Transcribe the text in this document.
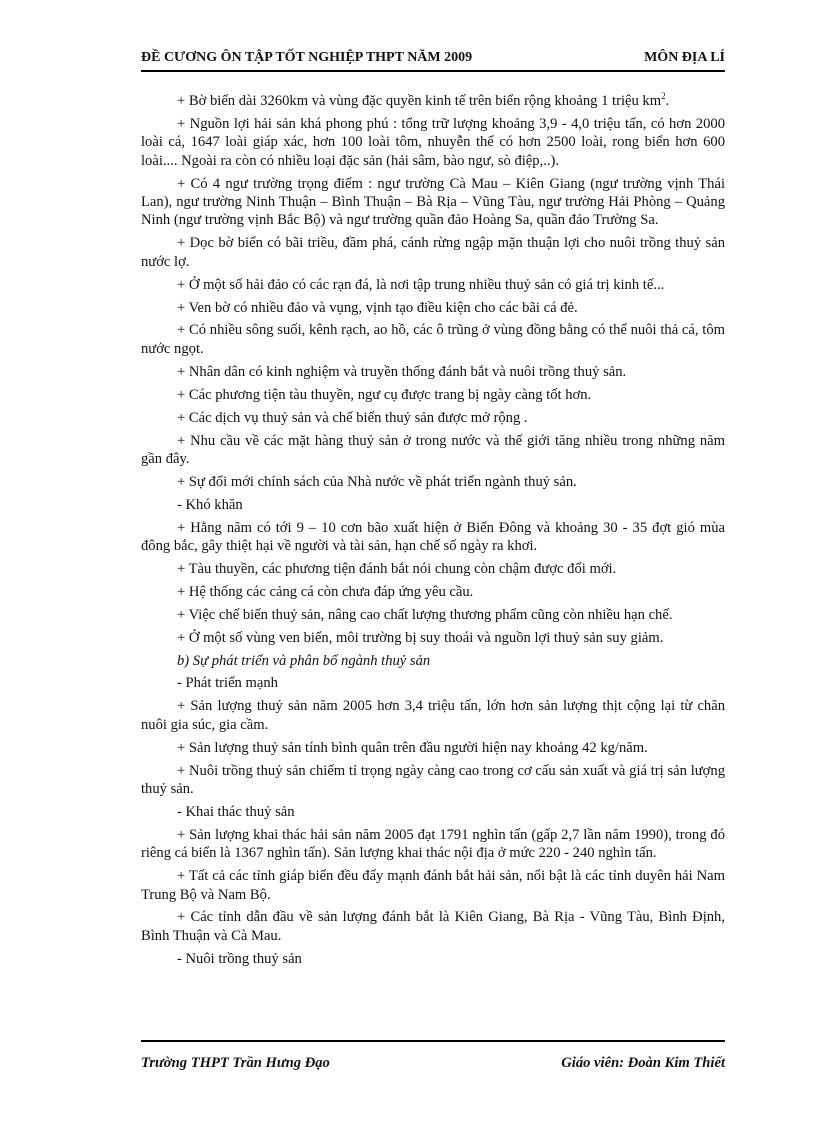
ĐỀ CƯƠNG ÔN TẬP TỐT NGHIỆP THPT NĂM 2009	MÔN ĐỊA LÍ

+ Bờ biển dài 3260km và vùng đặc quyền kinh tế trên biển rộng khoảng 1 triệu $km^2$.

+ Nguồn lợi hải sản khá phong phú : tổng trữ lượng khoảng 3,9 - 4,0 triệu tấn, có hơn 2000 loài cá, 1647 loài giáp xác, hơn 100 loài tôm, nhuyễn thể có hơn 2500 loài, rong biển hơn 600 loài.... Ngoài ra còn có nhiều loại đặc sản (hải sâm, bào ngư, sò điệp,..).

+ Có 4 ngư trường trọng điểm : ngư trường Cà Mau – Kiên Giang (ngư trường vịnh Thái Lan), ngư trường Ninh Thuận – Bình Thuận – Bà Rịa – Vũng Tàu, ngư trường Hải Phòng – Quảng Ninh (ngư trường vịnh Bắc Bộ) và ngư trường quần đảo Hoàng Sa, quần đảo Trường Sa.

+ Dọc bờ biển có bãi triều, đầm phá, cánh rừng ngập mặn thuận lợi cho nuôi trồng thuỷ sản nước lợ.

+ Ở một số hải đảo có các rạn đá, là nơi tập trung nhiều thuỷ sản có giá trị kinh tế...

+ Ven bờ có nhiều đảo và vụng, vịnh tạo điều kiện cho các bãi cá đẻ.

+ Có nhiều sông suối, kênh rạch, ao hồ, các ô trũng ở vùng đồng bằng có thể nuôi thả cá, tôm nước ngọt.

+ Nhân dân có kinh nghiệm và truyền thống đánh bắt và nuôi trồng thuỷ sản.

+ Các phương tiện tàu thuyền, ngư cụ được trang bị ngày càng tốt hơn.

+ Các dịch vụ thuỷ sản và chế biến thuỷ sản được mở rộng .

+ Nhu cầu về các mặt hàng thuỷ sản ở trong nước và thế giới tăng nhiều trong những năm gần đây.

+ Sự đổi mới chính sách của Nhà nước về phát triển ngành thuỷ sản.

- Khó khăn

+ Hằng năm có tới 9 – 10 cơn bão xuất hiện ở Biển Đông và khoảng 30 - 35 đợt gió mùa đông bắc, gây thiệt hại về người và tài sản, hạn chế số ngày ra khơi.

+ Tàu thuyền, các phương tiện đánh bắt nói chung còn chậm được đổi mới.

+ Hệ thống các cảng cá còn chưa đáp ứng yêu cầu.

+ Việc chế biến thuỷ sản, nâng cao chất lượng thương phẩm cũng còn nhiều hạn chế.

+ Ở một số vùng ven biển, môi trường bị suy thoái và nguồn lợi thuỷ sản suy giảm.

b) Sự phát triển và phân bố ngành thuỷ sản

- Phát triển mạnh

+ Sản lượng thuỷ sản năm 2005 hơn 3,4 triệu tấn, lớn hơn sản lượng thịt cộng lại từ chăn nuôi gia súc, gia cầm.

+ Sản lượng thuỷ sản tính bình quân trên đầu người hiện nay khoảng 42 kg/năm.

+ Nuôi trồng thuỷ sản chiếm tỉ trọng ngày càng cao trong cơ cấu sản xuất và giá trị sản lượng thuỷ sản.

- Khai thác thuỷ sản

+ Sản lượng khai thác hải sản năm 2005 đạt 1791 nghìn tấn (gấp 2,7 lần năm 1990), trong đó riêng cá biển là 1367 nghìn tấn). Sản lượng khai thác nội địa ở mức 220 - 240 nghìn tấn.

+ Tất cả các tỉnh giáp biển đều đẩy mạnh đánh bắt hải sản, nổi bật là các tỉnh duyên hải Nam Trung Bộ và Nam Bộ.

+ Các tỉnh dẫn đầu về sản lượng đánh bắt là Kiên Giang, Bà Rịa - Vũng Tàu, Bình Định, Bình Thuận và Cà Mau.

- Nuôi trồng thuỷ sản

Trường THPT Trần Hưng Đạo	Giáo viên: Đoàn Kim Thiết
